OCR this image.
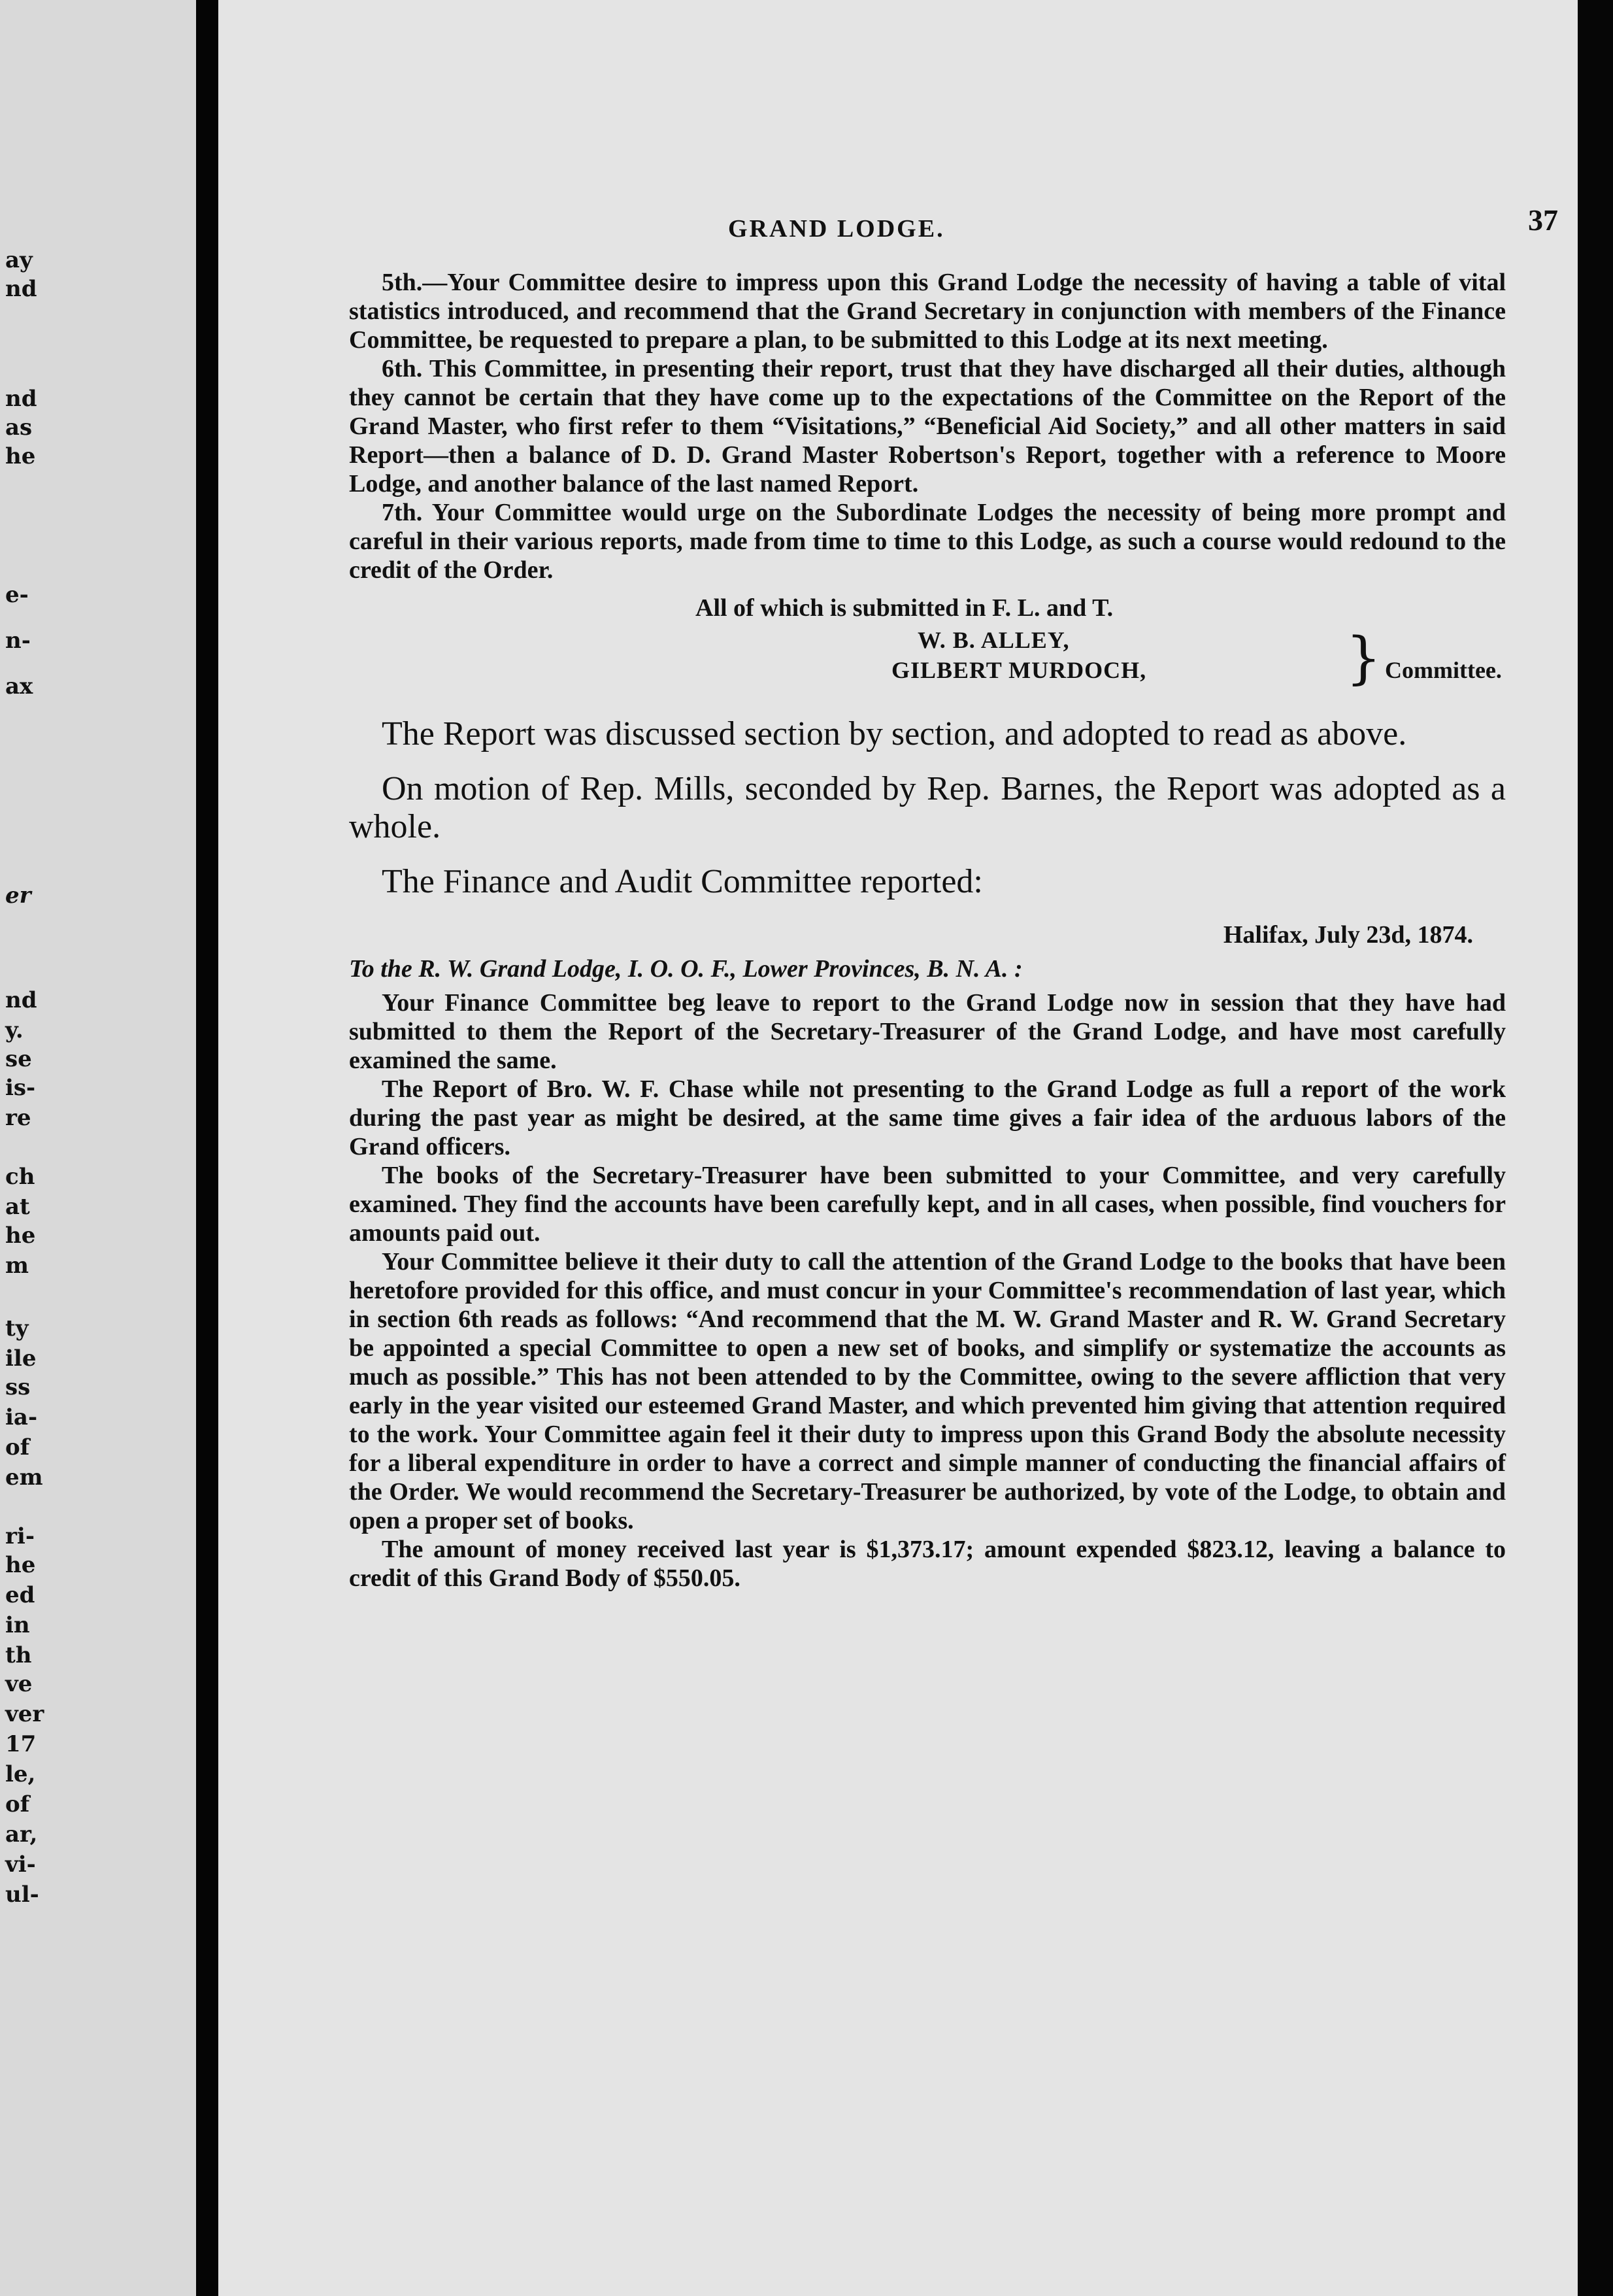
ay
nd
nd
as
he
e-
n-
ax
er
nd
y.
se
is-
re
ch
at
he
m
ty
ile
ss
ia-
of
em
ri-
he
ed
in
th
ve
ver
17
le,
of
ar,
vi-
ul-
GRAND LODGE.	37

5th.—Your Committee desire to impress upon this Grand Lodge the necessity of having a table of vital statistics introduced, and recommend that the Grand Secretary in conjunction with members of the Finance Committee, be requested to prepare a plan, to be submitted to this Lodge at its next meeting.

6th. This Committee, in presenting their report, trust that they have discharged all their duties, although they cannot be certain that they have come up to the expectations of the Committee on the Report of the Grand Master, who first refer to them “Visitations,” “Beneficial Aid Society,” and all other matters in said Report—then a balance of D. D. Grand Master Robertson's Report, together with a reference to Moore Lodge, and another balance of the last named Report.

7th. Your Committee would urge on the Subordinate Lodges the necessity of being more prompt and careful in their various reports, made from time to time to this Lodge, as such a course would redound to the credit of the Order.

All of which is submitted in F. L. and T.

W. B. ALLEY,
GILBERT MURDOCH,	} Committee.

The Report was discussed section by section, and adopted to read as above.

On motion of Rep. Mills, seconded by Rep. Barnes, the Report was adopted as a whole.

The Finance and Audit Committee reported:

Halifax, July 23d, 1874.

To the R. W. Grand Lodge, I. O. O. F., Lower Provinces, B. N. A. :

Your Finance Committee beg leave to report to the Grand Lodge now in session that they have had submitted to them the Report of the Secretary-Treasurer of the Grand Lodge, and have most carefully examined the same.

The Report of Bro. W. F. Chase while not presenting to the Grand Lodge as full a report of the work during the past year as might be desired, at the same time gives a fair idea of the arduous labors of the Grand officers.

The books of the Secretary-Treasurer have been submitted to your Committee, and very carefully examined. They find the accounts have been carefully kept, and in all cases, when possible, find vouchers for amounts paid out.

Your Committee believe it their duty to call the attention of the Grand Lodge to the books that have been heretofore provided for this office, and must concur in your Committee's recommendation of last year, which in section 6th reads as follows: “And recommend that the M. W. Grand Master and R. W. Grand Secretary be appointed a special Committee to open a new set of books, and simplify or systematize the accounts as much as possible.” This has not been attended to by the Committee, owing to the severe affliction that very early in the year visited our esteemed Grand Master, and which prevented him giving that attention required to the work. Your Committee again feel it their duty to impress upon this Grand Body the absolute necessity for a liberal expenditure in order to have a correct and simple manner of conducting the financial affairs of the Order. We would recommend the Secretary-Treasurer be authorized, by vote of the Lodge, to obtain and open a proper set of books.

The amount of money received last year is $1,373.17; amount expended $823.12, leaving a balance to credit of this Grand Body of $550.05.
